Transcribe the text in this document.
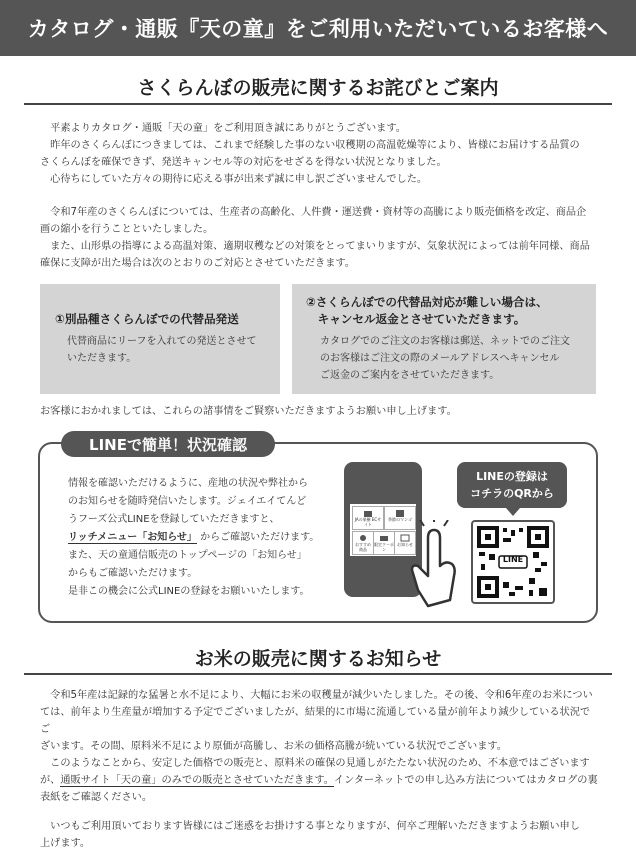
カタログ・通販『天の童』をご利用いただいているお客様へ
さくらんぼの販売に関するお詫びとご案内

　平素よりカタログ・通販「天の童」をご利用頂き誠にありがとうございます。
　昨年のさくらんぼにつきましては、これまで経験した事のない収穫期の高温乾燥等により、皆様にお届けする品質の
さくらんぼを確保できず、発送キャンセル等の対応をせざるを得ない状況となりました。
　心待ちにしていた方々の期待に応える事が出来ず誠に申し訳ございませんでした。

　令和7年産のさくらんぼについては、生産者の高齢化、人件費・運送費・資材等の高騰により販売価格を改定、商品企
画の縮小を行うことといたしました。
　また、山形県の指導による高温対策、適期収穫などの対策をとってまいりますが、気象状況によっては前年同様、商品
確保に支障が出た場合は次のとおりのご対応とさせていただきます。

①別品種さくらんぼでの代替品発送
代替商品にリーフを入れての発送とさせて
いただきます。
②さくらんぼでの代替品対応が難しい場合は、
　キャンセル返金とさせていただきます。
カタログでのご注文のお客様は郵送、ネットでのご注文
のお客様はご注文の際のメールアドレスへキャンセル
ご返金のご案内をさせていただきます。

お客様におかれましては、これらの諸事情をご賢察いただきますようお願い申し上げます。

LINEで簡単！状況確認
情報を確認いただけるように、産地の状況や弊社から
のお知らせを随時発信いたします。ジェイエイてんど
うフーズ公式LINEを登録していただきますと、
リッチメニュー「お知らせ」 からご確認いただけます。
また、天の童通信販売のトップページの「お知らせ」
からもご確認いただけます。
是非この機会に公式LINEの登録をお願いいたします。
JAの果樹 ECサイト
季節のマンゴ
おすすめ商品
限定クーポン
お知らせ
LINEの登録は
コチラのQRから
LINE
お米の販売に関するお知らせ

　令和5年産は記録的な猛暑と水不足により、大幅にお米の収穫量が減少いたしました。その後、令和6年産のお米につい
ては、前年より生産量が増加する予定でございましたが、結果的に市場に流通している量が前年より減少している状況でご
ざいます。その間、原料米不足により原価が高騰し、お米の価格高騰が続いている状況でございます。

　このようなことから、安定した価格での販売と、原料米の確保の見通しがたたない状況のため、不本意ではございます
が、通販サイト「天の童」のみでの販売とさせていただきます。インターネットでの申し込み方法についてはカタログの裏
表紙をご確認ください。

　いつもご利用頂いております皆様にはご迷惑をお掛けする事となりますが、何卒ご理解いただきますようお願い申し
上げます。
